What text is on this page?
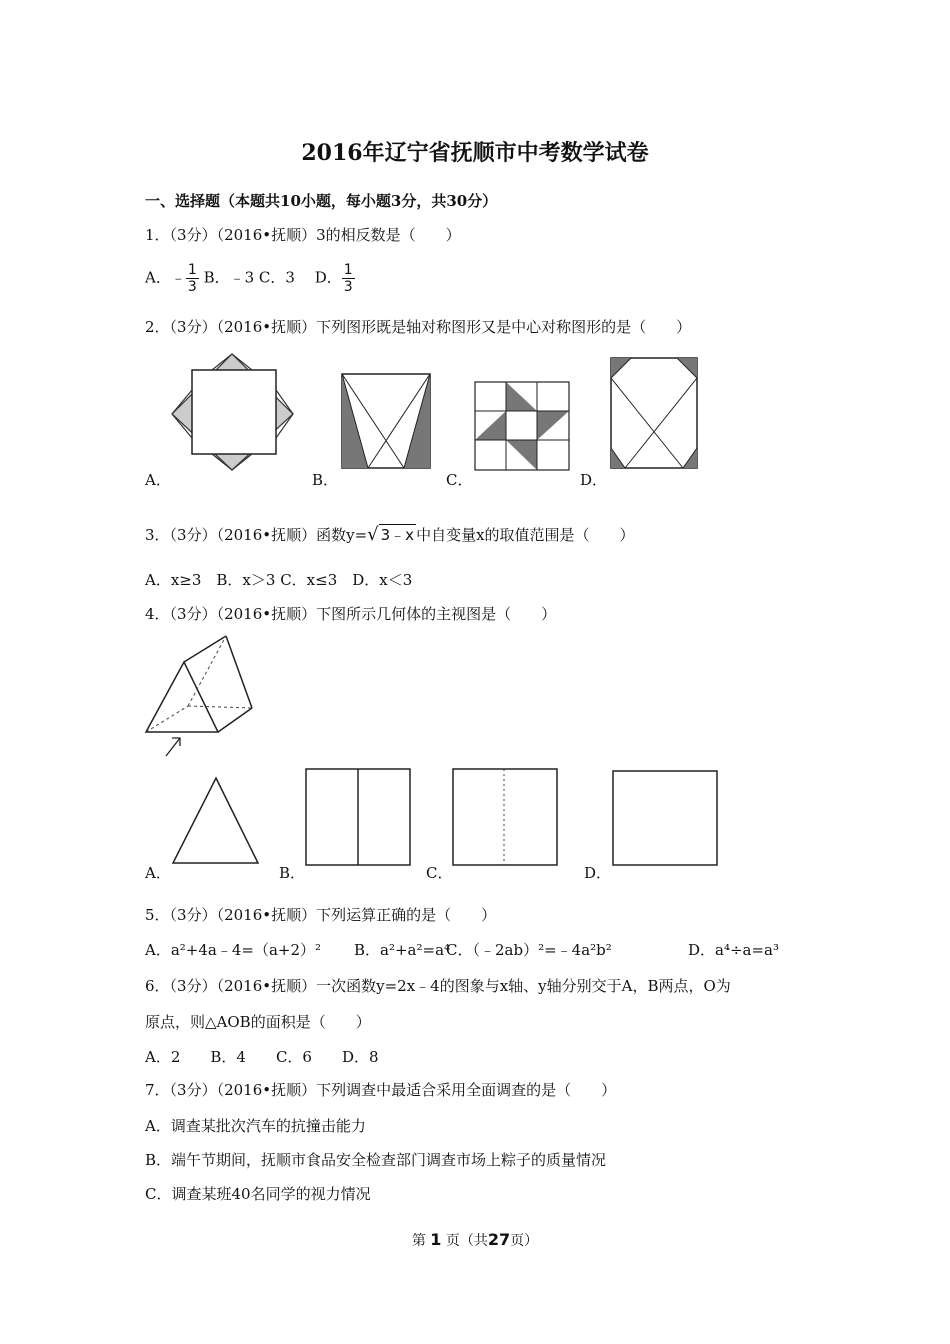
2016年辽宁省抚顺市中考数学试卷
一、选择题（本题共10小题，每小题3分，共30分）
1．（3分）（2016•抚顺）3的相反数是（　　）
A．﹣ $\frac{1}{3}$ B．﹣3 C．3　 D． $\frac{1}{3}$
2．（3分）（2016•抚顺）下列图形既是轴对称图形又是中心对称图形的是（　　）
A．	B．	C．	D．
3．（3分）（2016•抚顺）函数y=√ 3﹣x 中自变量x的取值范围是（　　）
A．x≥3　B．x＞3 C．x≤3　D．x＜3
4．（3分）（2016•抚顺）下图所示几何体的主视图是（　　）
A．	B．	C．	D．
5．（3分）（2016•抚顺）下列运算正确的是（　　）
A．a²+4a﹣4=（a+2）² B．a²+a²=a⁴
C．（﹣2ab）²=﹣4a²b²	D．a⁴÷a=a³
6．（3分）（2016•抚顺）一次函数y=2x﹣4的图象与x轴、y轴分别交于A，B两点，O为
原点，则△AOB的面积是（　　）
A．2　　B．4　　C．6　　D．8
7．（3分）（2016•抚顺）下列调查中最适合采用全面调查的是（　　）
A．调查某批次汽车的抗撞击能力
B．端午节期间，抚顺市食品安全检查部门调查市场上粽子的质量情况
C．调查某班40名同学的视力情况
第 1 页（共27页）
